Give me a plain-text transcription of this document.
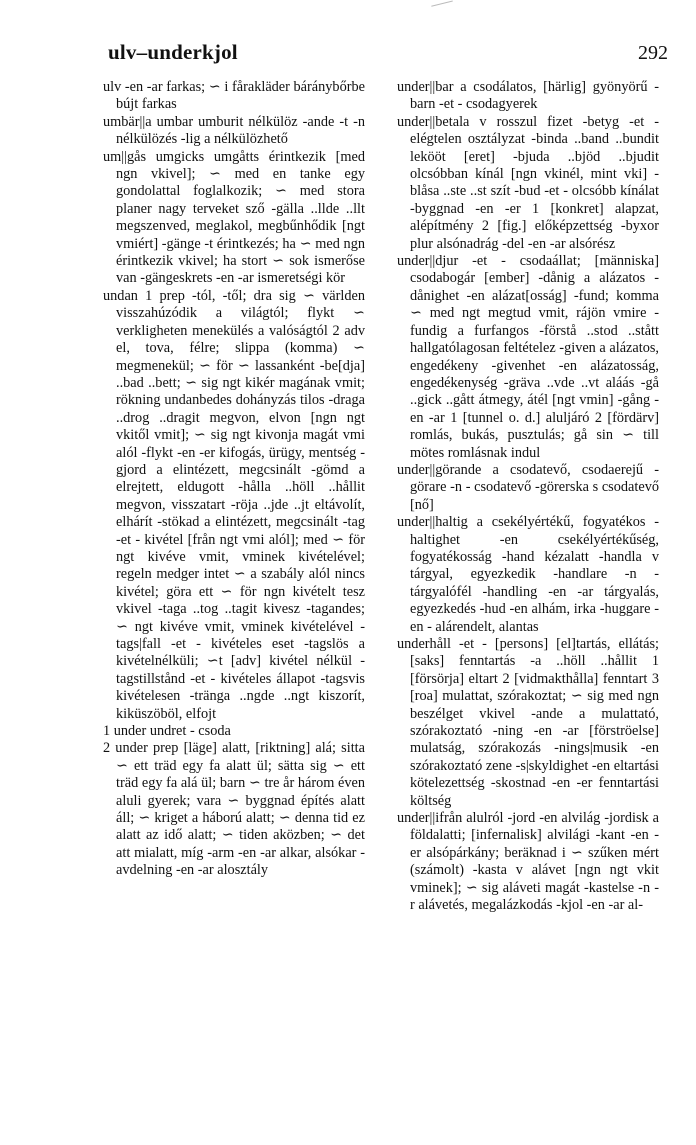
ulv–underkjol	292

ulv -en -ar farkas; ∽ i fårakläder báránybőrbe bújt farkas

umbär||a umbar umburit nélkülöz -ande -t -n nélkülözés -lig a nélkülözhető

um||gås umgicks umgåtts érintkezik [med ngn vkivel]; ∽ med en tanke egy gondolattal foglalkozik; ∽ med stora planer nagy terveket sző -gälla ..llde ..llt megszenved, meglakol, megbűnhődik [ngt vmiért] -gänge -t érintkezés; ha ∽ med ngn érintkezik vkivel; ha stort ∽ sok ismerőse van -gängeskrets -en -ar ismeretségi kör

undan 1 prep -tól, -től; dra sig ∽ världen visszahúzódik a világtól; flykt ∽ verkligheten menekülés a valóságtól 2 adv el, tova, félre; slippa (komma) ∽ megmenekül; ∽ för ∽ lassanként -be[dja] ..bad ..bett; ∽ sig ngt kikér magának vmit; rökning undanbedes dohányzás tilos -draga ..drog ..dragit megvon, elvon [ngn ngt vkitől vmit]; ∽ sig ngt kivonja magát vmi alól -flykt -en -er kifogás, ürügy, mentség -gjord a elintézett, megcsinált -gömd a elrejtett, eldugott -hålla ..höll ..hållit megvon, visszatart -röja ..jde ..jt eltávolít, elhárít -stökad a elintézett, megcsinált -tag -et - kivétel [från ngt vmi alól]; med ∽ för ngt kivéve vmit, vminek kivételével; regeln medger intet ∽ a szabály alól nincs kivétel; göra ett ∽ för ngn kivételt tesz vkivel -taga ..tog ..tagit kivesz -tagandes; ∽ ngt kivéve vmit, vminek kivételével -tags|fall -et - kivételes eset -tagslös a kivételnélküli; ∽t [adv] kivétel nélkül -tagstillstånd -et - kivételes állapot -tagsvis kivételesen -tränga ..ngde ..ngt kiszorít, kiküszöböl, elfojt

1 under undret - csoda

2 under prep [läge] alatt, [riktning] alá; sitta ∽ ett träd egy fa alatt ül; sätta sig ∽ ett träd egy fa alá ül; barn ∽ tre år három éven aluli gyerek; vara ∽ byggnad építés alatt áll; ∽ kriget a háború alatt; ∽ denna tid ez alatt az idő alatt; ∽ tiden aközben; ∽ det att mialatt, míg -arm -en -ar alkar, alsókar -avdelning -en -ar alosztály

under||bar a csodálatos, [härlig] gyönyörű -barn -et - csodagyerek

under||betala v rosszul fizet -betyg -et - elégtelen osztályzat -binda ..band ..bundit lekööt [eret] -bjuda ..bjöd ..bjudit olcsóbban kínál [ngn vkinél, mint vki] -blåsa ..ste ..st szít -bud -et - olcsóbb kínálat -byggnad -en -er 1 [konkret] alapzat, alépítmény 2 [fig.] előképzettség -byxor plur alsónadrág -del -en -ar alsórész

under||djur -et - csodaállat; [människa] csodabogár [ember] -dånig a alázatos -dånighet -en alázat[osság] -fund; komma ∽ med ngt megtud vmit, rájön vmire -fundig a furfangos -förstå ..stod ..stått hallgatólagosan feltételez -given a alázatos, engedékeny -givenhet -en alázatosság, engedékenység -gräva ..vde ..vt aláás -gå ..gick ..gått átmegy, átél [ngt vmin] -gång -en -ar 1 [tunnel o. d.] aluljáró 2 [fördärv] romlás, bukás, pusztulás; gå sin ∽ till mötes romlásnak indul

under||görande a csodatevő, csodaerejű -görare -n - csodatevő -görerska s csodatevő [nő]

under||haltig a csekélyértékű, fogyatékos -haltighet -en csekélyértékűség, fogyatékosság -hand kézalatt -handla v tárgyal, egyezkedik -handlare -n - tárgyalófél -handling -en -ar tárgyalás, egyezkedés -hud -en alhám, irka -huggare -en - alárendelt, alantas

underhåll -et - [persons] [el]tartás, ellátás; [saks] fenntartás -a ..höll ..hållit 1 [försörja] eltart 2 [vidmakthålla] fenntart 3 [roa] mulattat, szórakoztat; ∽ sig med ngn beszélget vkivel -ande a mulattató, szórakoztató -ning -en -ar [förströelse] mulatság, szórakozás -nings|musik -en szórakoztató zene -s|skyldighet -en eltartási kötelezettség -skostnad -en -er fenntartási költség

under||ifrån alulról -jord -en alvilág -jordisk a földalatti; [infernalisk] alvilági -kant -en -er alsópárkány; beräknad i ∽ szűken mért (számolt) -kasta v alávet [ngn ngt vkit vminek]; ∽ sig aláveti magát -kastelse -n -r alávetés, megalázkodás -kjol -en -ar al-
